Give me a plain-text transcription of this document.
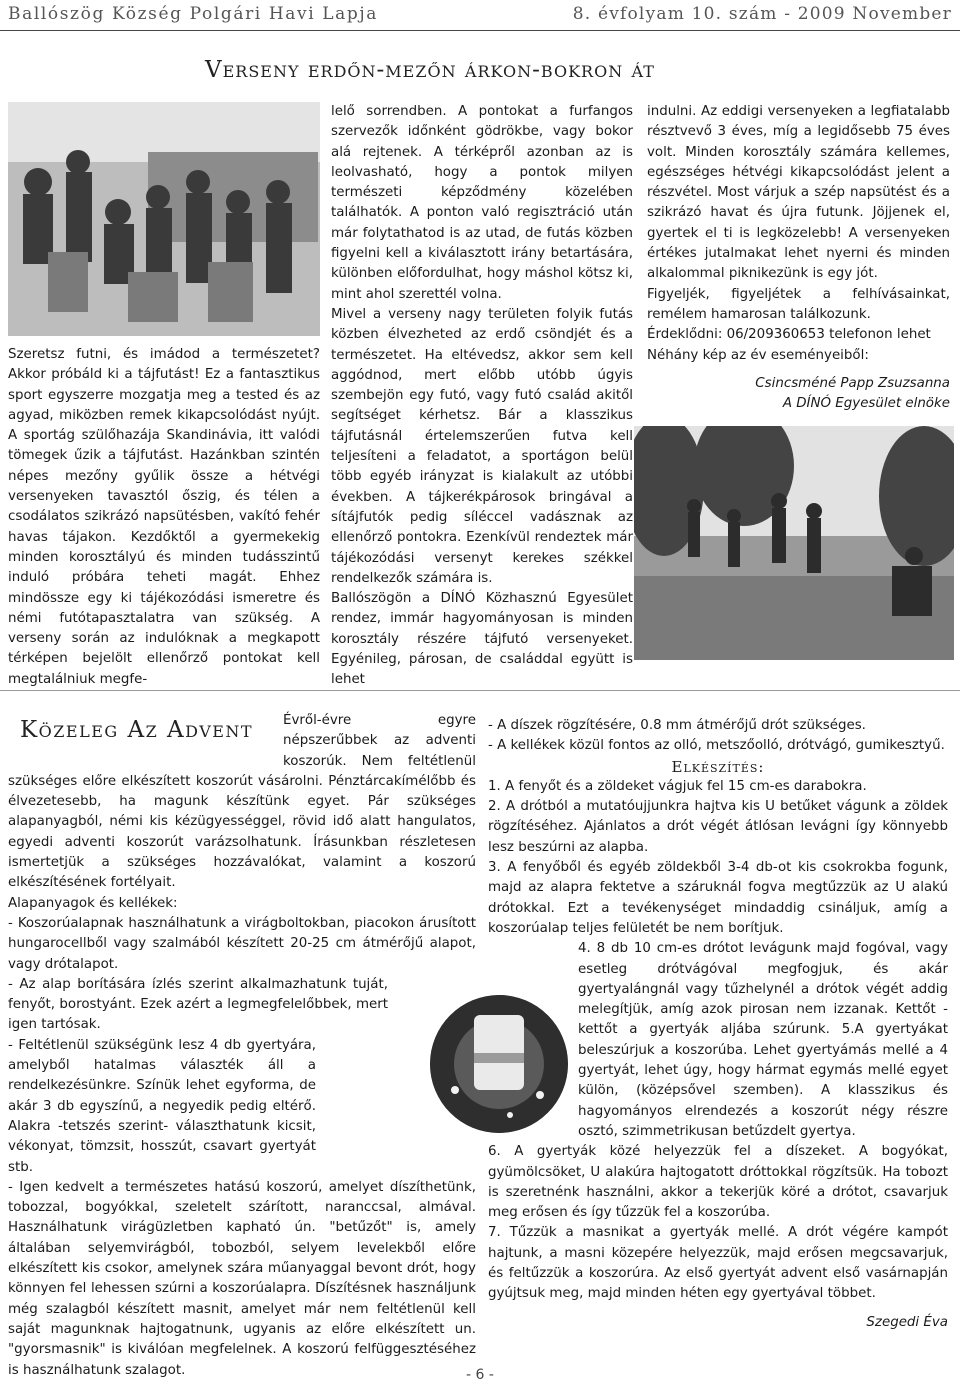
Ballószög Község Polgári Havi Lapja	8. évfolyam 10. szám - 2009 November
Verseny erdőn-mezőn árkon-bokron át

Szeretsz futni, és imádod a természetet? Akkor próbáld ki a tájfutást! Ez a fantasztikus sport egyszerre mozgatja meg a tested és az agyad, miközben remek kikapcsolódást nyújt. A sportág szülőhazája Skandinávia, itt valódi tömegek űzik a tájfutást. Hazánkban szintén népes mezőny gyűlik össze a hétvégi versenyeken tavasztól őszig, és télen a csodálatos szikrázó napsütésben, vakító fehér havas tájakon. Kezdőktől a gyermekekig minden korosztályú és minden tudásszintű induló próbára teheti magát. Ehhez mindössze egy ki tájékozódási ismeretre és némi futótapasztalatra van szükség. A verseny során az indulóknak a megkapott térképen bejelölt ellenőrző pontokat kell megtalálniuk megfe-

lelő sorrendben. A pontokat a furfangos szervezők időnként gödrökbe, vagy bokor alá rejtenek. A térképről azonban az is leolvasható, hogy a pontok milyen természeti képződmény közelében találhatók. A ponton való regisztráció után már folytathatod is az utad, de futás közben figyelni kell a kiválasztott irány betartására, különben előfordulhat, hogy máshol kötsz ki, mint ahol szerettél volna.

Mivel a verseny nagy területen folyik futás közben élvezheted az erdő csöndjét és a természetet. Ha eltévedsz, akkor sem kell aggódnod, mert előbb utóbb úgyis szembejön egy futó, vagy futó család akitől segítséget kérhetsz. Bár a klasszikus tájfutásnál értelemszerűen futva kell teljesíteni a feladatot, a sportágon belül több egyéb irányzat is kialakult az utóbbi években. A tájkerékpárosok bringával a sítájfutók pedig síléccel vadásznak az ellenőrző pontokra. Ezenkívül rendeztek már tájékozódási versenyt kerekes székkel rendelkezők számára is.

Ballószögön a DÍNÓ Közhasznú Egyesület rendez, immár hagyományosan is minden korosztály részére tájfutó versenyeket. Egyénileg, párosan, de családdal együtt is lehet

indulni. Az eddigi versenyeken a legfiatalabb résztvevő 3 éves, míg a legidősebb 75 éves volt. Minden korosztály számára kellemes, egészséges hétvégi kikapcsolódást jelent a részvétel. Most várjuk a szép napsütést és a szikrázó havat és újra futunk. Jöjjenek el, gyertek el ti is legközelebb! A versenyeken értékes jutalmakat lehet nyerni és minden alkalommal piknikezünk is egy jót.

Figyeljék, figyeljétek a felhívásainkat, remélem hamarosan találkozunk.

Érdeklődni: 06/209360653 telefonon lehet

Néhány kép az év eseményeiből:

Csincsméné Papp Zsuzsanna

A DÍNÓ Egyesület elnöke

Évről-évre egyre népszerűbbek az adventi koszorúk. Nem feltétlenül szükséges előre elkészített koszorút vásárolni. Pénztárcakímélőbb és élvezetesebb, ha magunk készítünk egyet. Pár szükséges alapanyagból, némi kis kézügyességgel, rövid idő alatt hangulatos, egyedi adventi koszorút varázsolhatunk. Írásunkban részletesen ismertetjük a szükséges hozzávalókat, valamint a koszorú elkészítésének fortélyait.

Alapanyagok és kellékek:

- Koszorúalapnak használhatunk a virágboltokban, piacokon árusított hungarocellből vagy szalmából készített 20-25 cm átmérőjű alapot, vagy drótalapot.

- Az alap borítására ízlés szerint alkalmazhatunk tuját, fenyőt, borostyánt. Ezek azért a legmegfelelőbbek, mert igen tartósak.

- Feltétlenül szükségünk lesz 4 db gyertyára, amelyből hatalmas választék áll a rendelkezésünkre. Színük lehet egyforma, de akár 3 db egyszínű, a negyedik pedig eltérő. Alakra -tetszés szerint- választhatunk kicsit, vékonyat, tömzsit, hosszút, csavart gyertyát stb.

- Igen kedvelt a természetes hatású koszorú, amelyet díszíthetünk, tobozzal, bogyókkal, szeletelt szárított, naranccsal, almával. Használhatunk virágüzletben kapható ún. "betűzőt" is, amely általában selyemvirágból, tobozból, selyem levelekből előre elkészített kis csokor, amelynek szára műanyaggal bevont drót, hogy könnyen fel lehessen szúrni a koszorúalapra. Díszítésnek használjunk még szalagból készített masnit, amelyet már nem feltétlenül kell saját magunknak hajtogatnunk, ugyanis az előre elkészített un. "gyorsmasnik" is kiválóan megfelelnek. A koszorú felfüggesztéséhez is használhatunk szalagot.

Közeleg Az Advent	- A díszek rögzítésére, 0.8 mm átmérőjű drót szükséges.

- A kellékek közül fontos az olló, metszőolló, drótvágó, gumikesztyű.

Elkészítés:

1. A fenyőt és a zöldeket vágjuk fel 15 cm-es darabokra.

2. A drótból a mutatóujjunkra hajtva kis U betűket vágunk a zöldek rögzítéséhez. Ajánlatos a drót végét átlósan levágni így könnyebb lesz beszúrni az alapba.

3. A fenyőből és egyéb zöldekből 3-4 db-ot kis csokrokba fogunk, majd az alapra fektetve a száruknál fogva megtűzzük az U alakú drótokkal. Ezt a tevékenységet mindaddig csináljuk, amíg a koszorúalap teljes felületét be nem borítjuk.

4. 8 db 10 cm-es drótot levágunk majd fogóval, vagy esetleg drótvágóval megfogjuk, és akár gyertyalángnál vagy tűzhelynél a drótok végét addig melegítjük, amíg azok pirosan nem izzanak. Kettőt - kettőt a gyertyák aljába szúrunk. 5.A gyertyákat beleszúrjuk a koszorúba. Lehet gyertyámás mellé a 4 gyertyát, lehet úgy, hogy hármat egymás mellé egyet külön, (középsővel szemben). A klasszikus és hagyományos elrendezés a koszorút négy részre osztó, szimmetrikusan betűzdelt gyertya.

6. A gyertyák közé helyezzük fel a díszeket. A bogyókat, gyümölcsöket, U alakúra hajtogatott dróttokkal rögzítsük. Ha tobozt is szeretnénk használni, akkor a tekerjük köré a drótot, csavarjuk meg erősen és így tűzzük fel a koszorúba.

7. Tűzzük a masnikat a gyertyák mellé. A drót végére kampót hajtunk, a masni közepére helyezzük, majd erősen megcsavarjuk, és feltűzzük a koszorúra. Az első gyertyát advent első vasárnapján gyújtsuk meg, majd minden héten egy gyertyával többet.

Szegedi Éva

- 6 -
